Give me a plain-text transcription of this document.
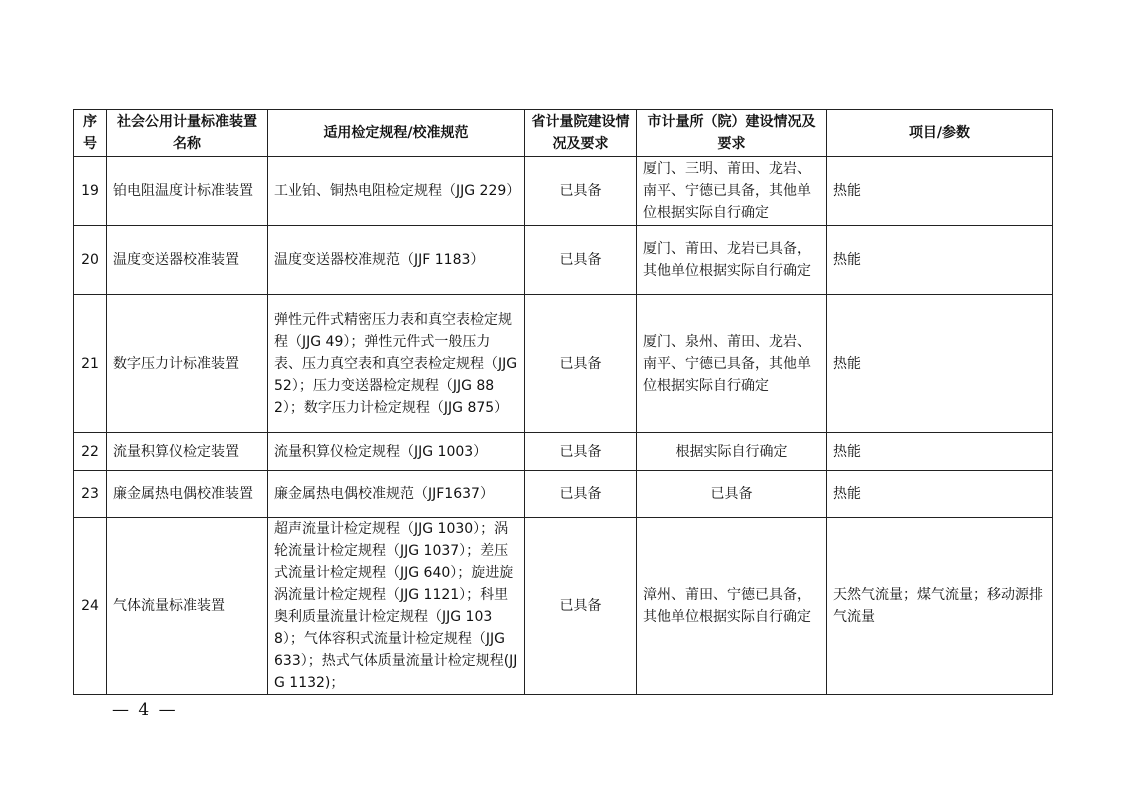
序号	社会公用计量标准装置名称	适用检定规程/校准规范	省计量院建设情况及要求	市计量所（院）建设情况及要求	项目/参数
19	铂电阻温度计标准装置	工业铂、铜热电阻检定规程（JJG 229）	已具备	厦门、三明、莆田、龙岩、南平、宁德已具备，其他单位根据实际自行确定	热能
20	温度变送器校准装置	温度变送器校准规范（JJF 1183）	已具备	厦门、莆田、龙岩已具备，其他单位根据实际自行确定	热能
21	数字压力计标准装置	弹性元件式精密压力表和真空表检定规程（JJG 49）；弹性元件式一般压力表、压力真空表和真空表检定规程（JJG 52）；压力变送器检定规程（JJG 882）；数字压力计检定规程（JJG 875）	已具备	厦门、泉州、莆田、龙岩、南平、宁德已具备，其他单位根据实际自行确定	热能
22	流量积算仪检定装置	流量积算仪检定规程（JJG 1003）	已具备	根据实际自行确定	热能
23	廉金属热电偶校准装置	廉金属热电偶校准规范（JJF1637）	已具备	已具备	热能
24	气体流量标准装置	超声流量计检定规程（JJG 1030）；涡轮流量计检定规程（JJG 1037）；差压式流量计检定规程（JJG 640）；旋进旋涡流量计检定规程（JJG 1121）；科里奥利质量流量计检定规程（JJG 1038）；气体容积式流量计检定规程（JJG 633）；热式气体质量流量计检定规程(JJG 1132)；	已具备	漳州、莆田、宁德已具备，其他单位根据实际自行确定	天然气流量；煤气流量；移动源排气流量
— 4 —
